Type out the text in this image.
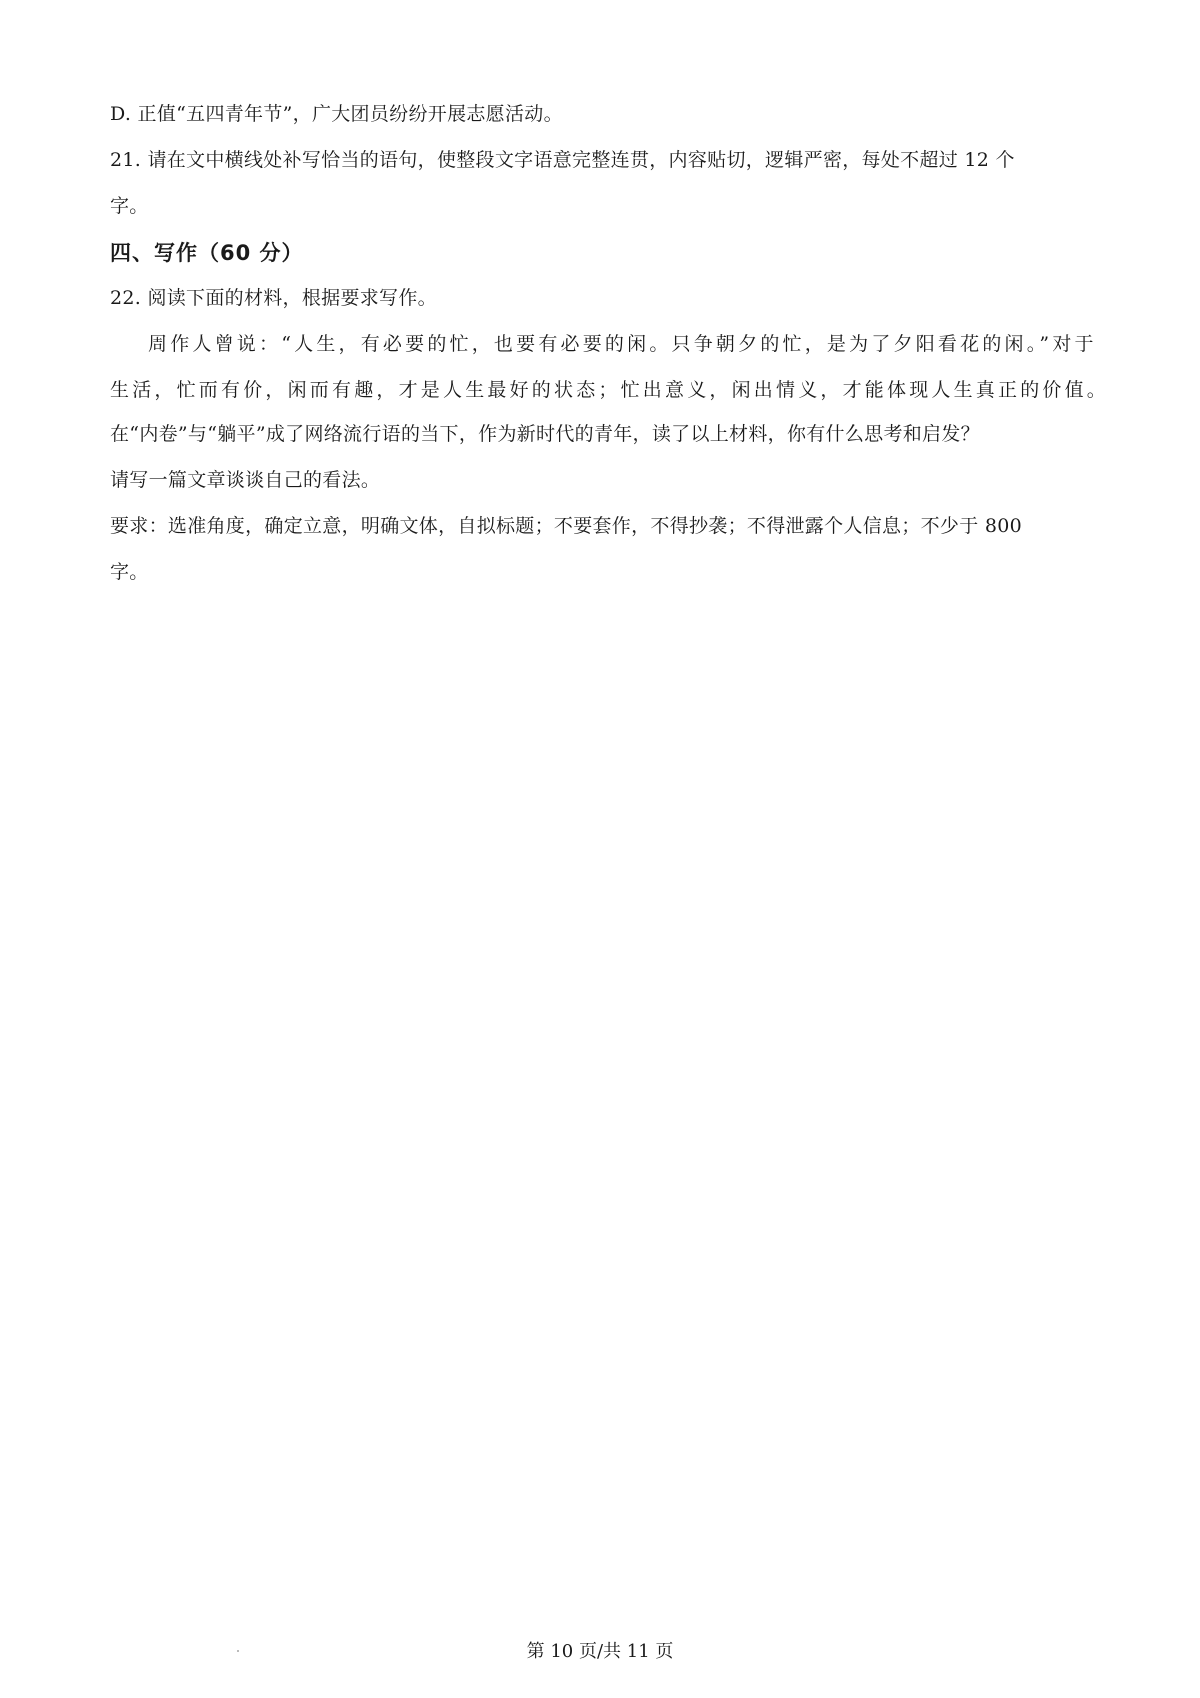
D. 正值“五四青年节”，广大团员纷纷开展志愿活动。
21. 请在文中横线处补写恰当的语句，使整段文字语意完整连贯，内容贴切，逻辑严密，每处不超过 12 个
字。
四、写作（60 分）
22. 阅读下面的材料，根据要求写作。
周作人曾说：“人生，有必要的忙，也要有必要的闲。只争朝夕的忙，是为了夕阳看花的闲。”对于
生活，忙而有价，闲而有趣，才是人生最好的状态；忙出意义，闲出情义，才能体现人生真正的价值。
在“内卷”与“躺平”成了网络流行语的当下，作为新时代的青年，读了以上材料，你有什么思考和启发？
请写一篇文章谈谈自己的看法。
要求：选准角度，确定立意，明确文体，自拟标题；不要套作，不得抄袭；不得泄露个人信息；不少于 800
字。
第 10 页/共 11 页
